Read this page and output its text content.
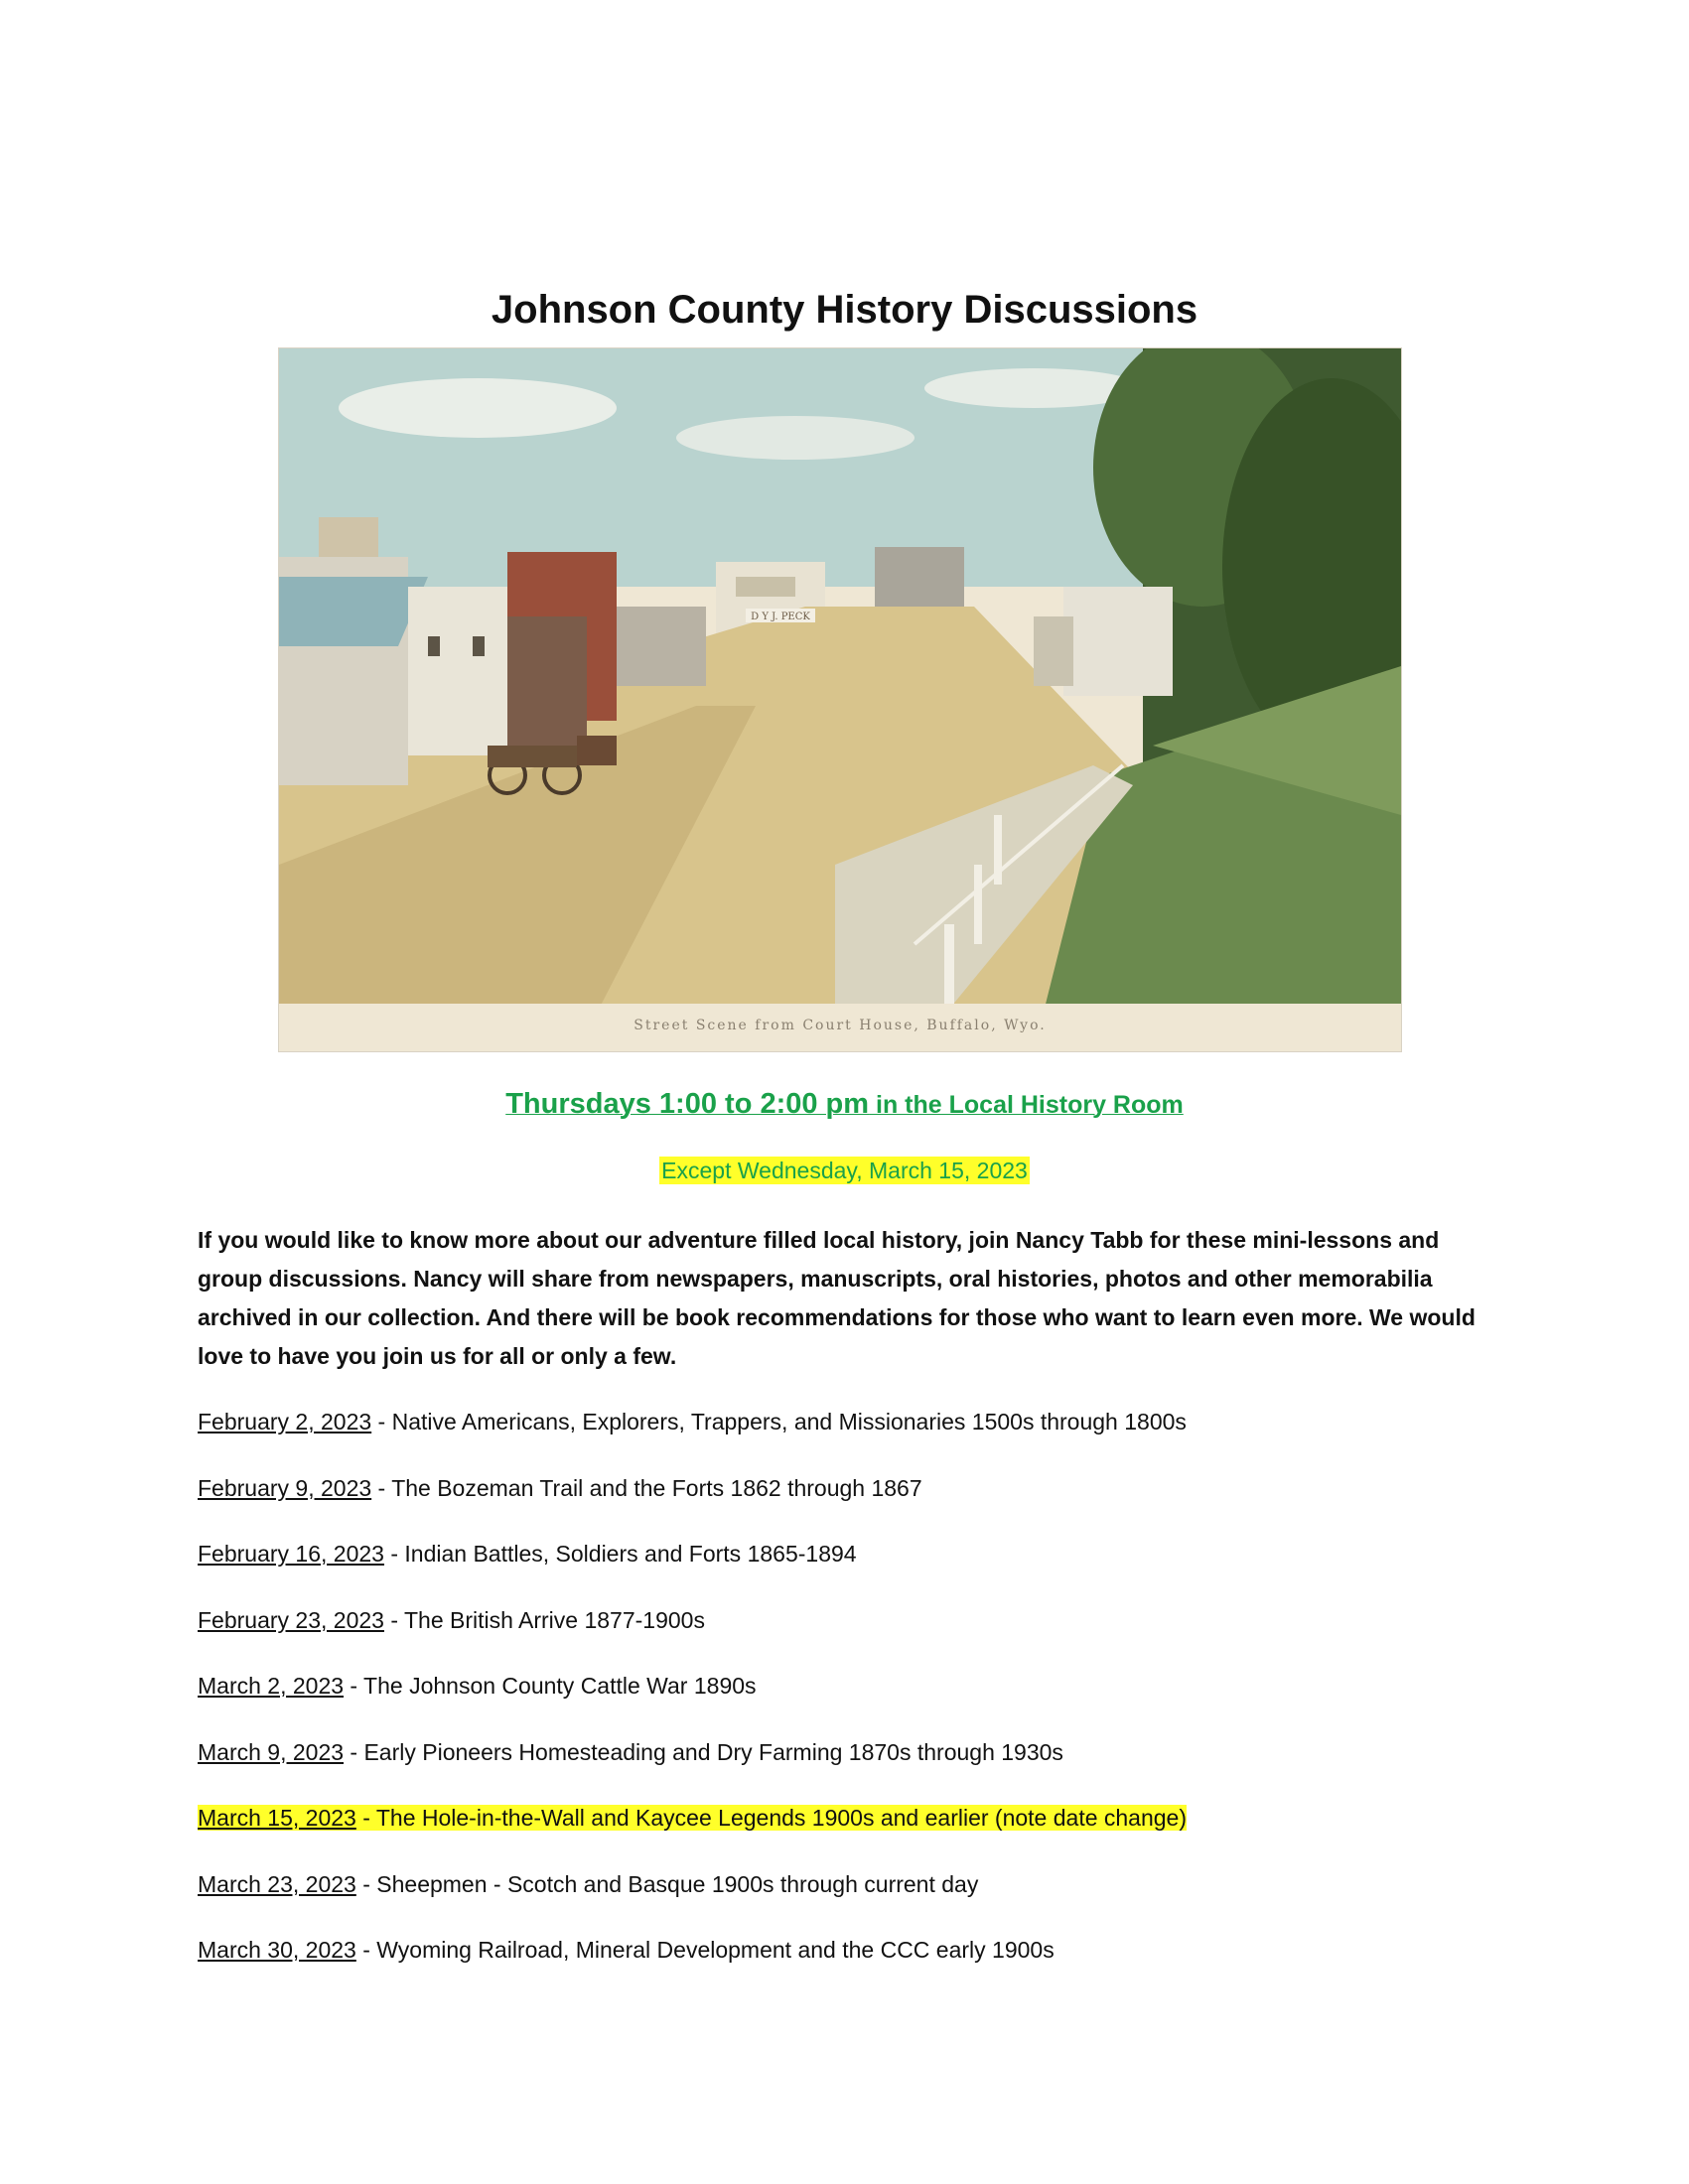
Johnson County History Discussions
D Y J. PECK
Street Scene from Court House, Buffalo, Wyo.
Thursdays 1:00 to 2:00 pm in the Local History Room
Except Wednesday, March 15, 2023
If you would like to know more about our adventure filled local history, join Nancy Tabb for these mini-lessons and group discussions. Nancy will share from newspapers, manuscripts, oral histories, photos and other memorabilia archived in our collection. And there will be book recommendations for those who want to learn even more. We would love to have you join us for all or only a few.
February 2, 2023 - Native Americans, Explorers, Trappers, and Missionaries 1500s through 1800s
February 9, 2023 - The Bozeman Trail and the Forts 1862 through 1867
February 16, 2023 - Indian Battles, Soldiers and Forts 1865-1894
February 23, 2023 - The British Arrive 1877-1900s
March 2, 2023 - The Johnson County Cattle War 1890s
March 9, 2023 - Early Pioneers Homesteading and Dry Farming 1870s through 1930s
March 15, 2023 - The Hole-in-the-Wall and Kaycee Legends 1900s and earlier (note date change)
March 23, 2023 - Sheepmen - Scotch and Basque 1900s through current day
March 30, 2023 - Wyoming Railroad, Mineral Development and the CCC early 1900s
